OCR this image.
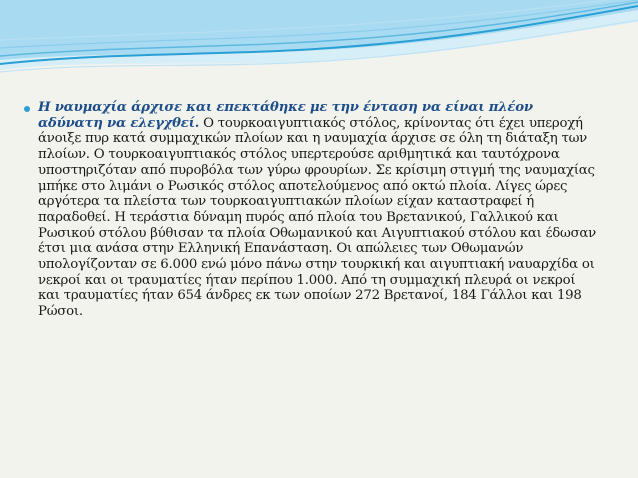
Η ναυμαχία άρχισε και επεκτάθηκε με την ένταση να είναι πλέον αδύνατη να ελεγχθεί. Ο τουρκοαιγυπτιακός στόλος, κρίνοντας ότι έχει υπεροχή άνοιξε πυρ κατά συμμαχικών πλοίων και η ναυμαχία άρχισε σε όλη τη διάταξη των πλοίων. Ο τουρκοαιγυπτιακός στόλος υπερτερούσε αριθμητικά και ταυτόχρονα υποστηριζόταν από πυροβόλα των γύρω φρουρίων. Σε κρίσιμη στιγμή της ναυμαχίας μπήκε στο λιμάνι ο Ρωσικός στόλος αποτελούμενος από οκτώ πλοία. Λίγες ώρες αργότερα τα πλείστα των τουρκοαιγυπτιακών πλοίων είχαν καταστραφεί ή παραδοθεί. Η τεράστια δύναμη πυρός από πλοία του Βρετανικού, Γαλλικού και Ρωσικού στόλου βύθισαν τα πλοία Οθωμανικού και Αιγυπτιακού στόλου και έδωσαν έτσι μια ανάσα στην Ελληνική Επανάσταση. Οι απώλειες των Οθωμανών υπολογίζονταν σε 6.000 ενώ μόνο πάνω στην τουρκική και αιγυπτιακή ναυαρχίδα οι νεκροί και οι τραυματίες ήταν περίπου 1.000. Από τη συμμαχική πλευρά οι νεκροί και τραυματίες ήταν 654 άνδρες εκ των οποίων 272 Βρετανοί, 184 Γάλλοι και 198 Ρώσοι.
